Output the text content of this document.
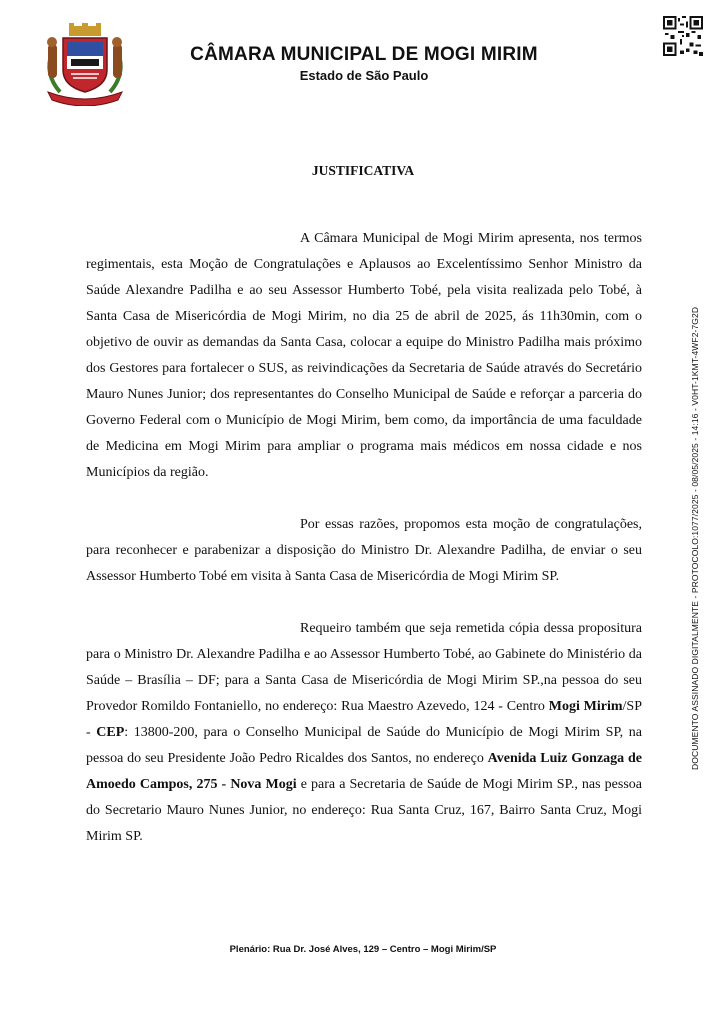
CÂMARA MUNICIPAL DE MOGI MIRIM
Estado de São Paulo
DOCUMENTO ASSINADO DIGITALMENTE - PROTOCOLO:1077/2025 - 08/05/2025 - 14:16 - V0HT-1KMT-4WF2-7G2D
JUSTIFICATIVA

A Câmara Municipal de Mogi Mirim apresenta, nos termos regimentais, esta Moção de Congratulações e Aplausos ao Excelentíssimo Senhor Ministro da Saúde Alexandre Padilha e ao seu Assessor Humberto Tobé, pela visita realizada pelo Tobé, à Santa Casa de Misericórdia de Mogi Mirim, no dia 25 de abril de 2025, ás 11h30min, com o objetivo de ouvir as demandas da Santa Casa, colocar a equipe do Ministro Padilha mais próximo dos Gestores para fortalecer o SUS, as reivindicações da Secretaria de Saúde através do Secretário Mauro Nunes Junior; dos representantes do Conselho Municipal de Saúde e reforçar a parceria do Governo Federal com o Município de Mogi Mirim, bem como, da importância de uma faculdade de Medicina em Mogi Mirim para ampliar o programa mais médicos em nossa cidade e nos Municípios da região.

Por essas razões, propomos esta moção de congratulações, para reconhecer e parabenizar a disposição do Ministro Dr. Alexandre Padilha, de enviar o seu Assessor Humberto Tobé em visita à Santa Casa de Misericórdia de Mogi Mirim SP.

Requeiro também que seja remetida cópia dessa propositura para o Ministro Dr. Alexandre Padilha e ao Assessor Humberto Tobé, ao Gabinete do Ministério da Saúde – Brasília – DF; para a Santa Casa de Misericórdia de Mogi Mirim SP.,na pessoa do seu Provedor Romildo Fontaniello, no endereço: Rua Maestro Azevedo, 124 - Centro Mogi Mirim/SP - CEP: 13800-200, para o Conselho Municipal de Saúde do Município de Mogi Mirim SP, na pessoa do seu Presidente João Pedro Ricaldes dos Santos, no endereço Avenida Luiz Gonzaga de Amoedo Campos, 275 - Nova Mogi e para a Secretaria de Saúde de Mogi Mirim SP., nas pessoa do Secretario Mauro Nunes Junior, no endereço: Rua Santa Cruz, 167, Bairro Santa Cruz, Mogi Mirim SP.

Plenário: Rua Dr. José Alves, 129 – Centro – Mogi Mirim/SP
